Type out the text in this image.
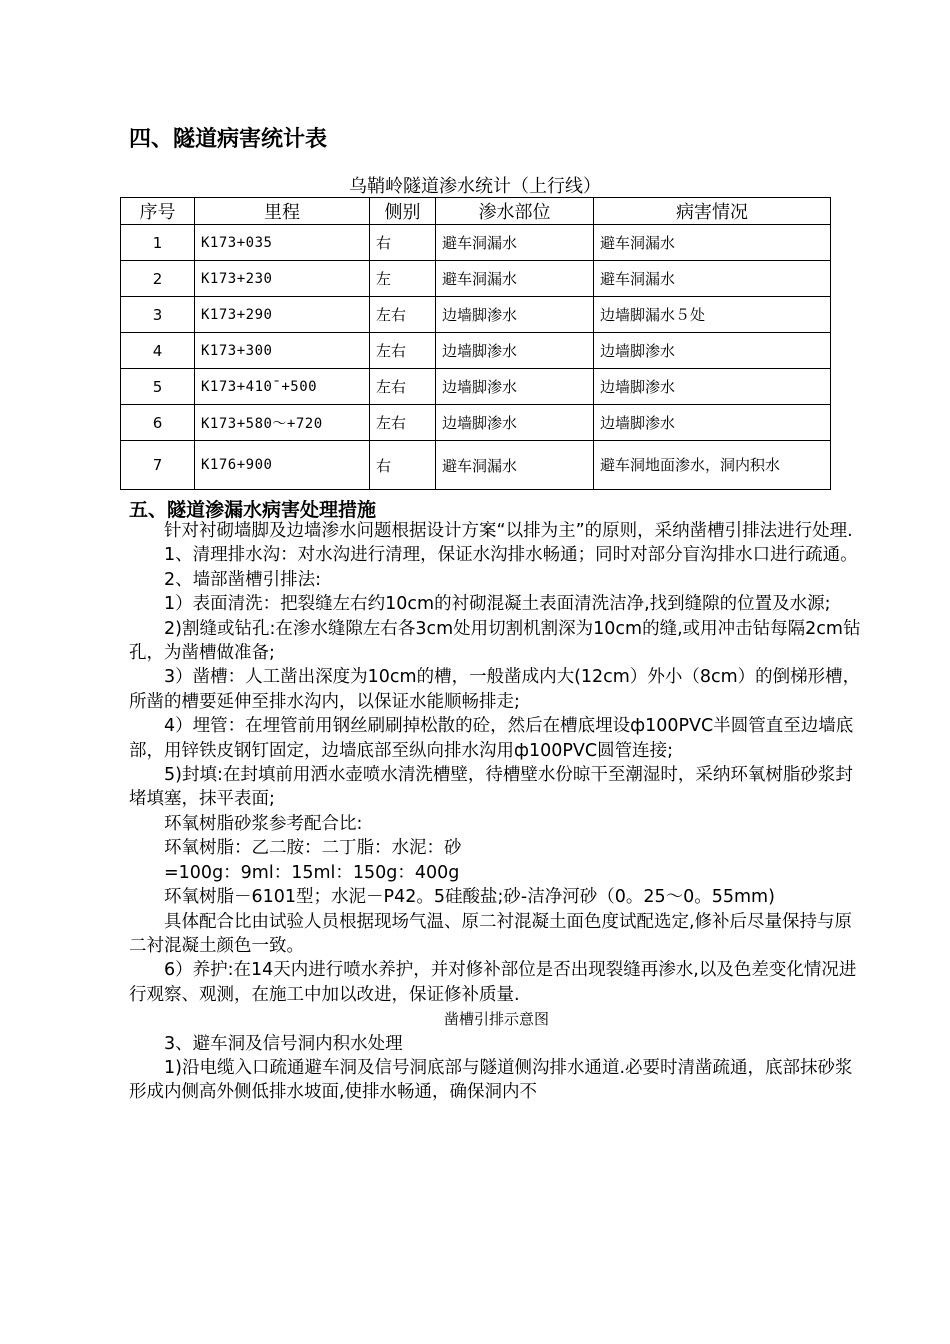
四、隧道病害统计表
乌鞘岭隧道渗水统计（上行线）
序号	里程	侧别	渗水部位	病害情况
1	K173+035	右	避车洞漏水	避车洞漏水
2	K173+230	左	避车洞漏水	避车洞漏水
3	K173+290	左右	边墙脚渗水	边墙脚漏水５处
4	K173+300	左右	边墙脚渗水	边墙脚渗水
5	K173+410¯+500	左右	边墙脚渗水	边墙脚渗水
6	K173+580～+720	左右	边墙脚渗水	边墙脚渗水
7	K176+900	右	避车洞漏水	避车洞地面渗水，洞内积水
五、隧道渗漏水病害处理措施

针对衬砌墙脚及边墙渗水问题根据设计方案“以排为主”的原则，采纳凿槽引排法进行处理.

1、清理排水沟：对水沟进行清理，保证水沟排水畅通；同时对部分盲沟排水口进行疏通。

2、墙部凿槽引排法:

1）表面清洗：把裂缝左右约10cm的衬砌混凝土表面清洗洁净,找到缝隙的位置及水源;

2)割缝或钻孔:在渗水缝隙左右各3cm处用切割机割深为10cm的缝,或用冲击钻每隔2cm钻孔，为凿槽做准备;

3）凿槽：人工凿出深度为10cm的槽，一般凿成内大(12cm）外小（8cm）的倒梯形槽，所凿的槽要延伸至排水沟内，以保证水能顺畅排走;

4）埋管：在埋管前用钢丝刷刷掉松散的砼，然后在槽底埋设ф100PVC半圆管直至边墙底部，用锌铁皮钢钉固定，边墙底部至纵向排水沟用ф100PVC圆管连接;

5)封填:在封填前用洒水壶喷水清洗槽壁，待槽壁水份晾干至潮湿时，采纳环氧树脂砂浆封堵填塞，抹平表面;

环氧树脂砂浆参考配合比:

环氧树脂：乙二胺：二丁脂：水泥：砂

=100g：9ml：15ml：150g：400g

环氧树脂－6101型；水泥－P42。5硅酸盐;砂-洁净河砂（0。25～0。55mm)

具体配合比由试验人员根据现场气温、原二衬混凝土面色度试配选定,修补后尽量保持与原二衬混凝土颜色一致。

6）养护:在14天内进行喷水养护，并对修补部位是否出现裂缝再渗水,以及色差变化情况进行观察、观测，在施工中加以改进，保证修补质量.

凿槽引排示意图

3、避车洞及信号洞内积水处理

1)沿电缆入口疏通避车洞及信号洞底部与隧道侧沟排水通道.必要时清凿疏通，底部抹砂浆形成内侧高外侧低排水坡面,使排水畅通，确保洞内不
